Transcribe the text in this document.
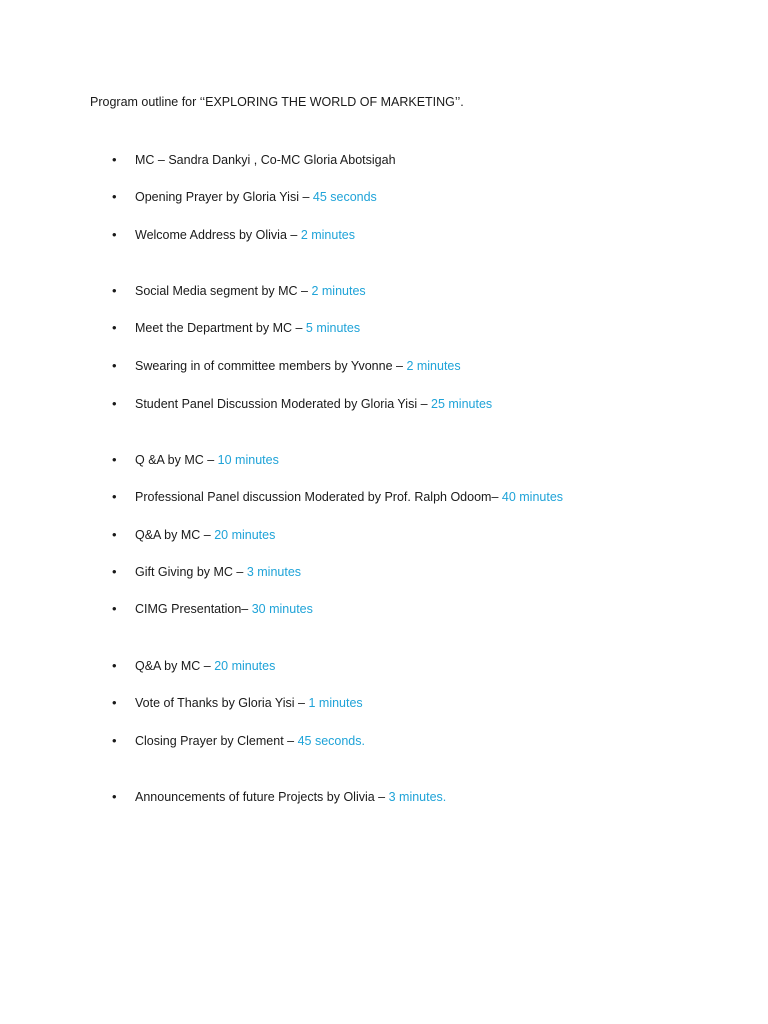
Program outline for ‘‘EXPLORING THE WORLD OF MARKETING’’.
• MC – Sandra Dankyi , Co-MC Gloria Abotsigah
• Opening Prayer by Gloria Yisi – 45 seconds
• Welcome Address by Olivia – 2 minutes
• Social Media segment by MC – 2 minutes
• Meet the Department by MC – 5 minutes
• Swearing in of committee members by Yvonne – 2 minutes
• Student Panel Discussion Moderated by Gloria Yisi – 25 minutes
• Q &A by MC – 10 minutes
• Professional Panel discussion Moderated by Prof. Ralph Odoom– 40 minutes
• Q&A by MC – 20 minutes
• Gift Giving by MC – 3 minutes
• CIMG Presentation– 30 minutes
• Q&A by MC – 20 minutes
• Vote of Thanks by Gloria Yisi – 1 minutes
• Closing Prayer by Clement – 45 seconds.
• Announcements of future Projects by Olivia – 3 minutes.
